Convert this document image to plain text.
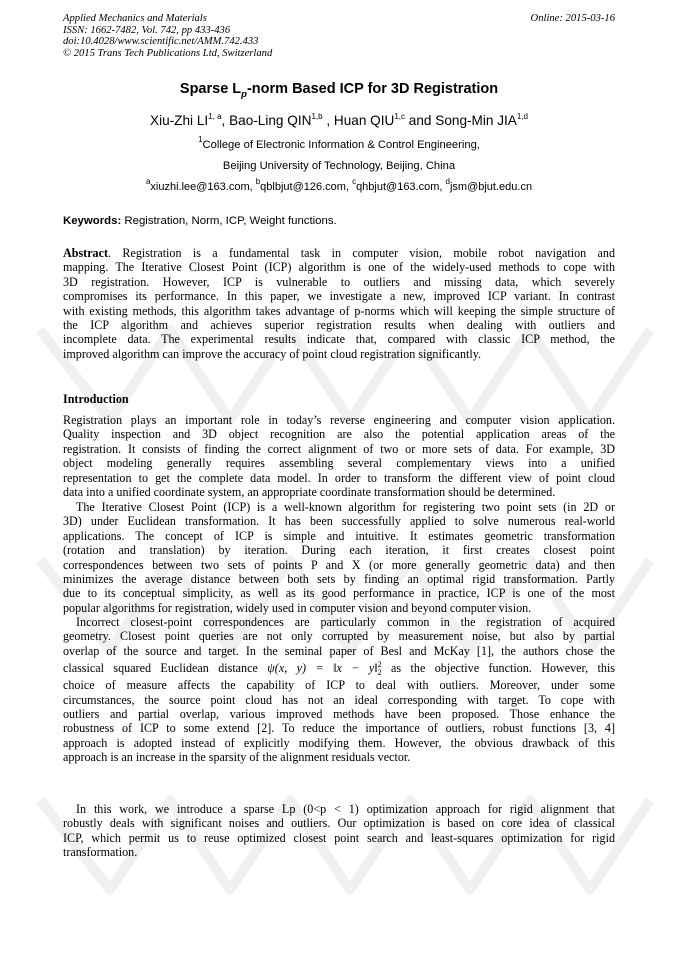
Applied Mechanics and Materials
ISSN: 1662-7482, Vol. 742, pp 433-436
doi:10.4028/www.scientific.net/AMM.742.433
© 2015 Trans Tech Publications Ltd, Switzerland
Online: 2015-03-16
Sparse $L_p$-norm Based ICP for 3D Registration
Xiu-Zhi LI$^{1, a}$, Bao-Ling QIN$^{1,b}$ , Huan QIU$^{1,c}$ and Song-Min JIA$^{1,d}$
$^1$College of Electronic Information & Control Engineering,
Beijing University of Technology, Beijing, China
$^a$xiuzhi.lee@163.com, $^b$qblbjut@126.com, $^c$qhbjut@163.com, $^d$jsm@bjut.edu.cn
Keywords: Registration, Norm, ICP, Weight functions.
Abstract. Registration is a fundamental task in computer vision, mobile robot navigation and
mapping. The Iterative Closest Point (ICP) algorithm is one of the widely-used methods to cope with
3D registration. However, ICP is vulnerable to outliers and missing data, which severely
compromises its performance. In this paper, we investigate a new, improved ICP variant. In contrast
with existing methods, this algorithm takes advantage of p-norms which will keeping the simple structure of
the ICP algorithm and achieves superior registration results when dealing with outliers and
incomplete data. The experimental results indicate that, compared with classic ICP method, the
improved algorithm can improve the accuracy of point cloud registration significantly.
Introduction
Registration plays an important role in today’s reverse engineering and computer vision application.
Quality inspection and 3D object recognition are also the potential application areas of the
registration. It consists of finding the correct alignment of two or more sets of data. For example, 3D
object modeling generally requires assembling several complementary views into a unified
representation to get the complete data model. In order to transform the different view of point cloud
data into a unified coordinate system, an appropriate coordinate transformation should be determined.
The Iterative Closest Point (ICP) is a well-known algorithm for registering two point sets (in 2D or
3D) under Euclidean transformation. It has been successfully applied to solve numerous real-world
applications. The concept of ICP is simple and intuitive. It estimates geometric transformation
(rotation and translation) by iteration. During each iteration, it first creates closest point
correspondences between two sets of points P and X (or more generally geometric data) and then
minimizes the average distance between both sets by finding an optimal rigid transformation. Partly
due to its conceptual simplicity, as well as its good performance in practice, ICP is one of the most
popular algorithms for registration, widely used in computer vision and beyond computer vision.
Incorrect closest-point correspondences are particularly common in the registration of acquired
geometry. Closest point queries are not only corrupted by measurement noise, but also by partial
overlap of the source and target. In the seminal paper of Besl and McKay [1], the authors chose the
classical squared Euclidean distance ψ(x, y) = ‖x − y‖ 2
2 as the objective function. However, this
choice of measure affects the capability of ICP to deal with outliers. Moreover, under some
circumstances, the source point cloud has not an ideal corresponding with target. To cope with
outliers and partial overlap, various improved methods have been proposed. Those enhance the
robustness of ICP to some extend [2]. To reduce the importance of outliers, robust functions [3, 4]
approach is adopted instead of explicitly modifying them. However, the obvious drawback of this
approach is an increase in the sparsity of the alignment residuals vector.
In this work, we introduce a sparse Lp (0<p < 1) optimization approach for rigid alignment that
robustly deals with significant noises and outliers. Our optimization is based on core idea of classical
ICP, which permit us to reuse optimized closest point search and least-squares optimization for rigid
transformation.
